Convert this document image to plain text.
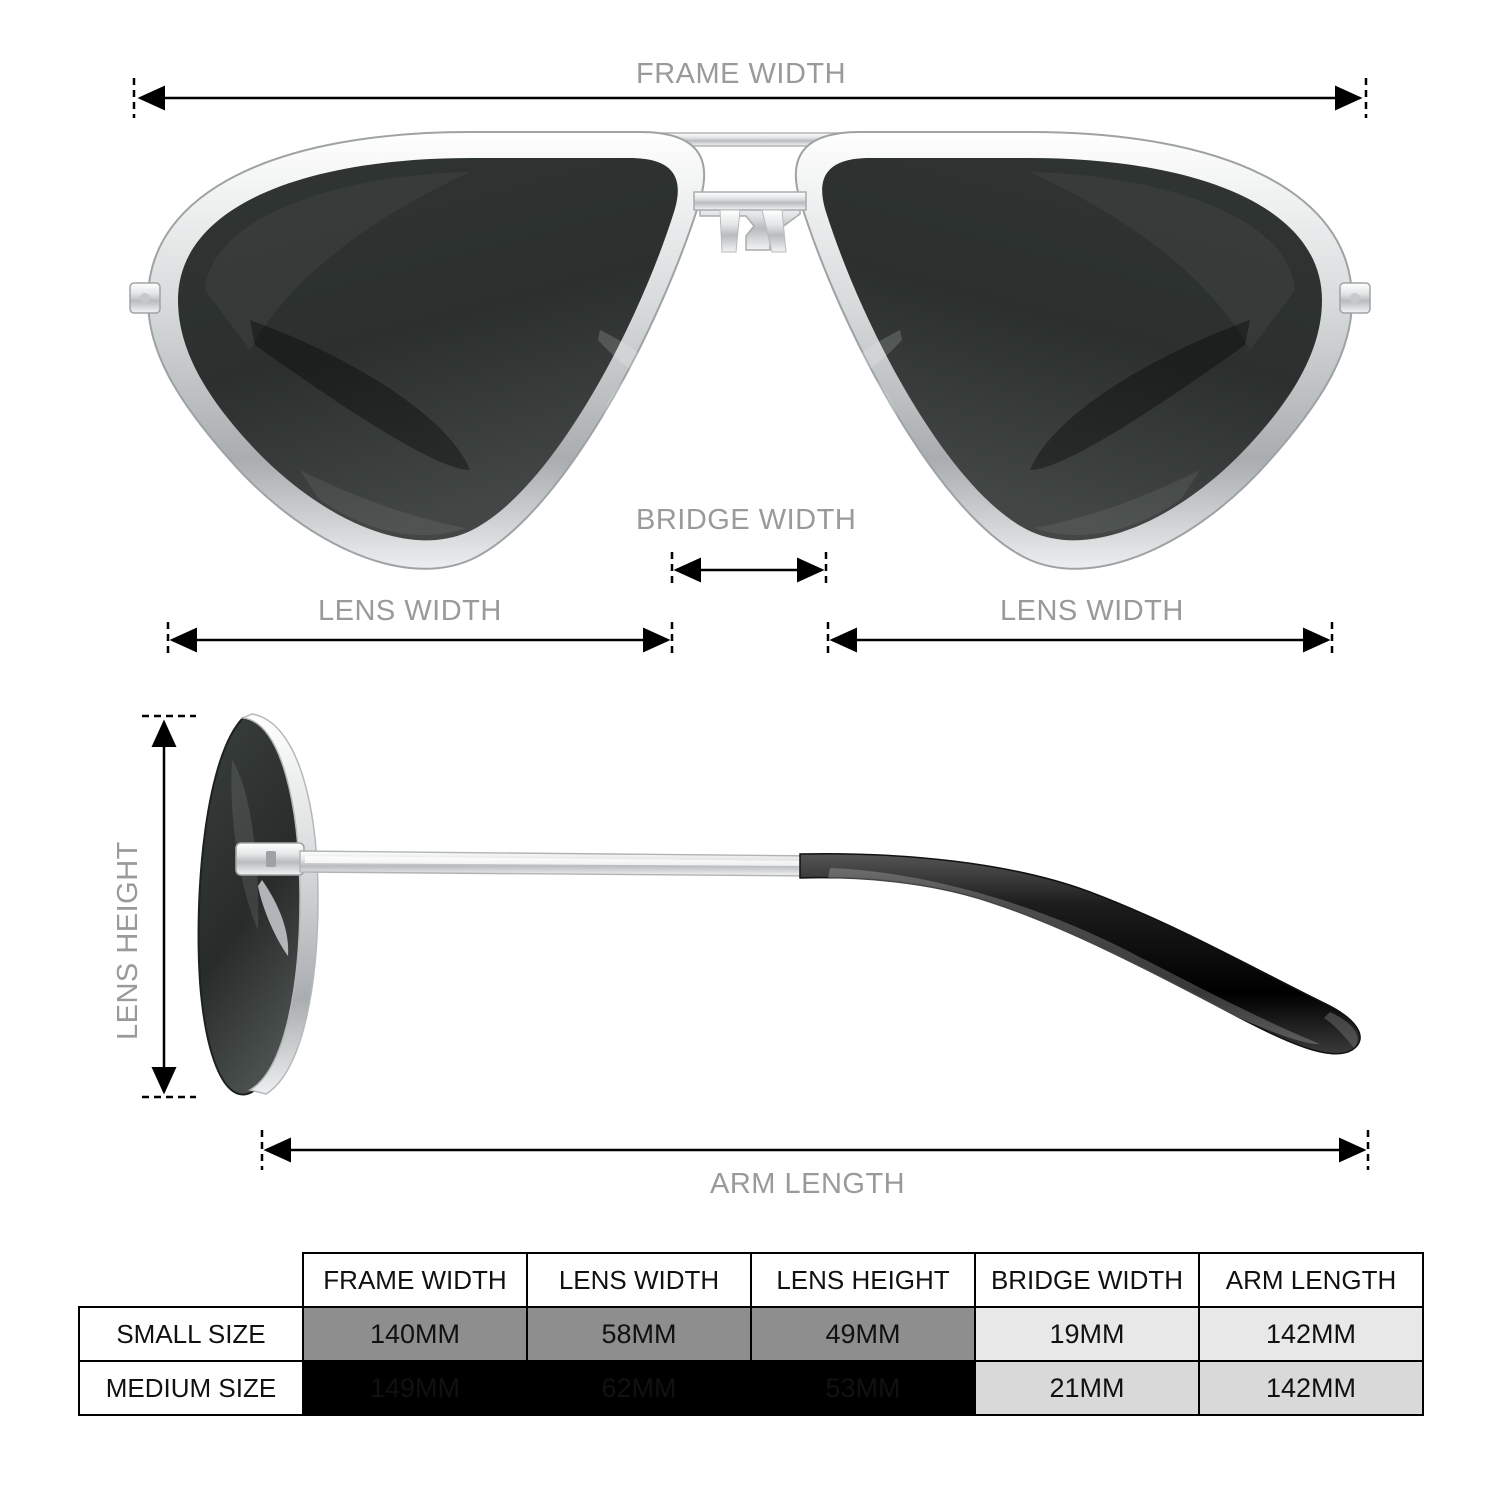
FRAME WIDTH
BRIDGE WIDTH
LENS WIDTH	LENS WIDTH
LENS HEIGHT
ARM LENGTH
	FRAME WIDTH	LENS WIDTH	LENS HEIGHT	BRIDGE WIDTH	ARM LENGTH
SMALL SIZE	140MM	58MM	49MM	19MM	142MM
MEDIUM SIZE	149MM	62MM	53MM	21MM	142MM
